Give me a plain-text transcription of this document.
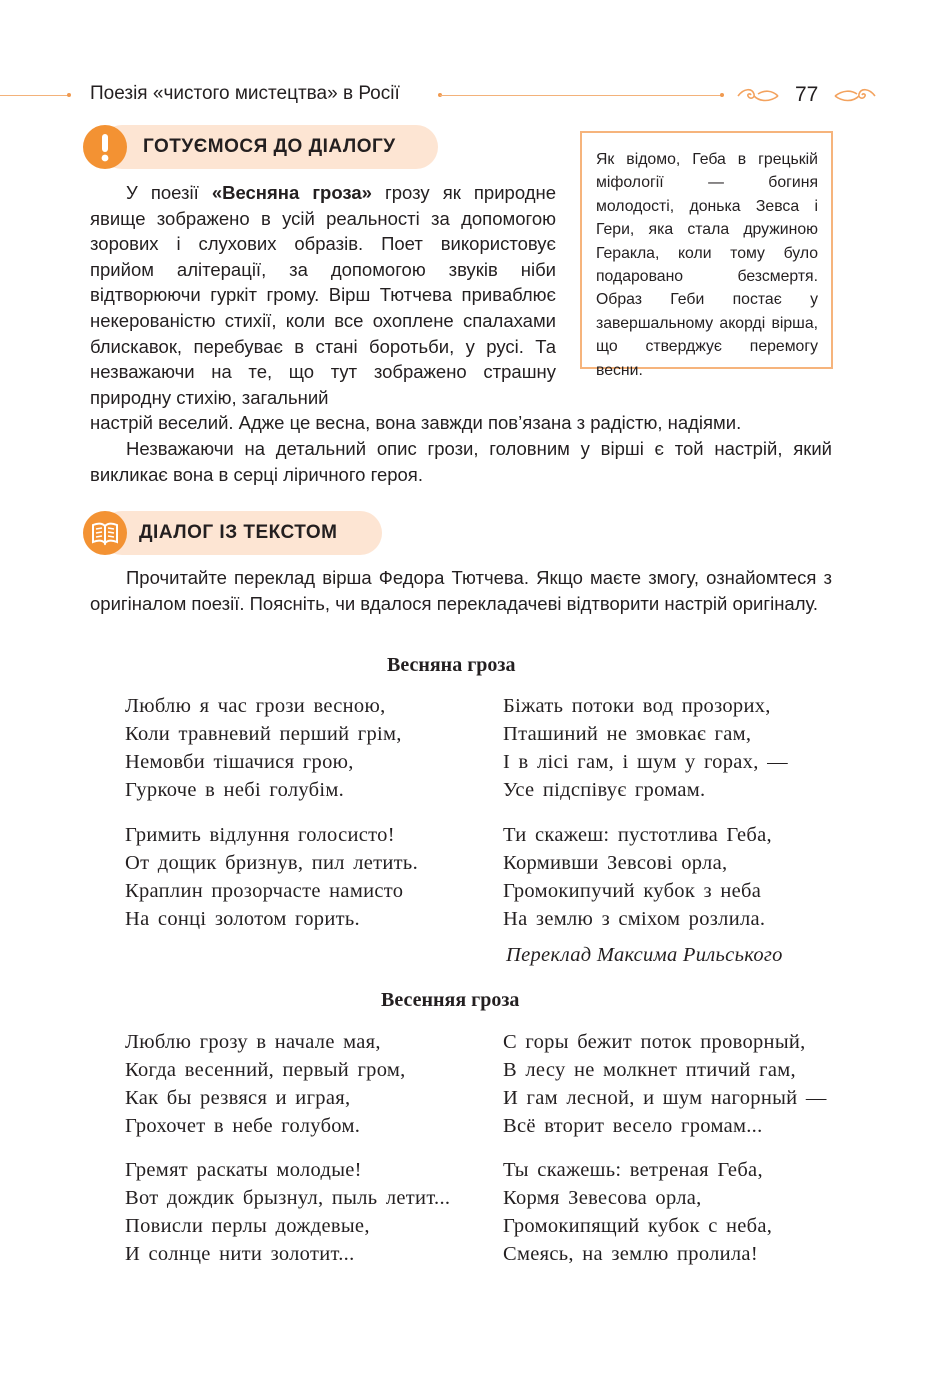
Поезія «чистого мистецтва» в Росії	77
ГОТУЄМОСЯ ДО ДІАЛОГУ
У поезії «Весняна гроза» грозу як природне явище зображено в усій реальності за допомогою зорових і слухових образів. Поет використовує прийом алітерації, за допомогою звуків ніби відтворюючи гуркіт грому. Вірш Тютчева приваблює некерованістю стихії, коли все охоплене спалахами блискавок, перебуває в стані боротьби, у русі. Та незважаючи на те, що тут зображено страшну природну стихію, загальний
настрій веселий. Адже це весна, вона завжди пов’язана з радістю, надіями.
Незважаючи на детальний опис грози, головним у вірші є той настрій, який викликає вона в серці ліричного героя.
Як відомо, Геба в грецькій міфології — богиня молодості, донька Зевса і Гери, яка стала дружиною Геракла, коли тому було подаровано безсмертя. Образ Геби постає у завершальному акорді вірша, що стверджує перемогу весни.
ДІАЛОГ ІЗ ТЕКСТОМ
Прочитайте переклад вірша Федора Тютчева. Якщо маєте змогу, ознайомтеся з оригіналом поезії. Поясніть, чи вдалося перекладачеві відтворити настрій оригіналу.
Весняна гроза
Люблю я час грози весною,
Коли травневий перший грім,
Немовби тішачися грою,
Гуркоче в небі голубім.
Біжать потоки вод прозорих,
Пташиний не змовкає гам,
І в лісі гам, і шум у горах, —
Усе підспівує громам.
Гримить відлуння голосисто!
От дощик бризнув, пил летить.
Краплин прозорчасте намисто
На сонці золотом горить.
Ти скажеш: пустотлива Геба,
Кормивши Зевсові орла,
Громокипучий кубок з неба
На землю з сміхом розлила.
Переклад Максима Рильського
Весенняя гроза
Люблю грозу в начале мая,
Когда весенний, первый гром,
Как бы резвяся и играя,
Грохочет в небе голубом.
С горы бежит поток проворный,
В лесу не молкнет птичий гам,
И гам лесной, и шум нагорный —
Всё вторит весело громам...
Гремят раскаты молодые!
Вот дождик брызнул, пыль летит...
Повисли перлы дождевые,
И солнце нити золотит...
Ты скажешь: ветреная Геба,
Кормя Зевесова орла,
Громокипящий кубок с неба,
Смеясь, на землю пролила!
